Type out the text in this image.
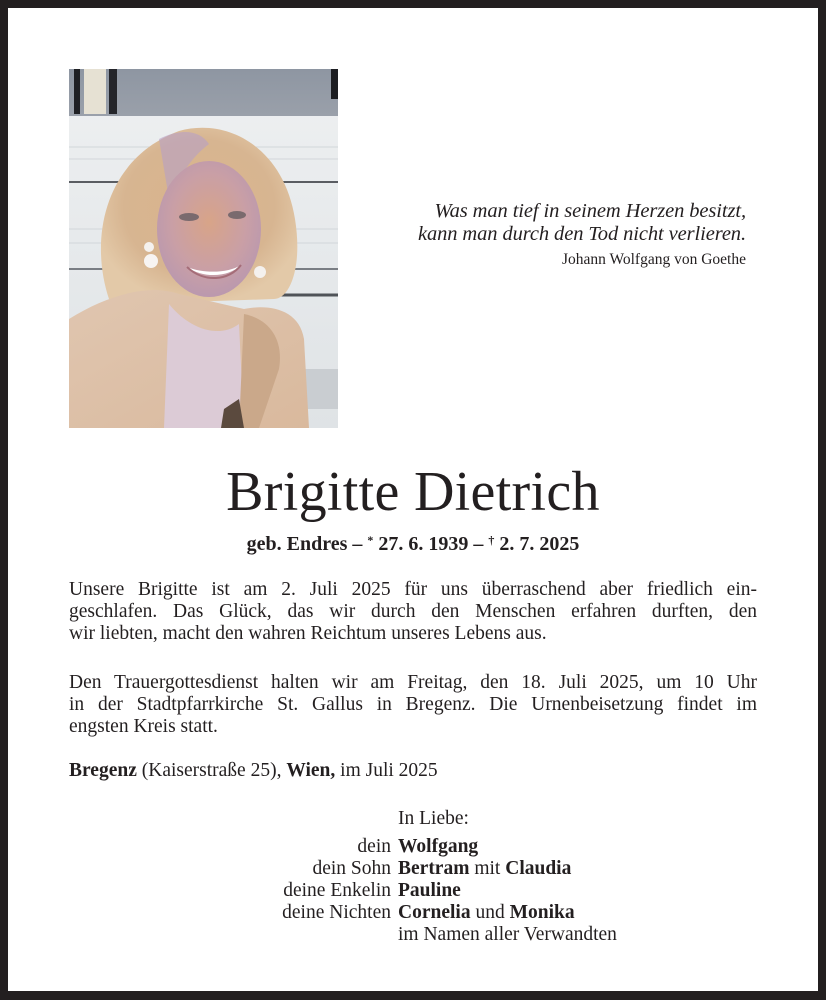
Was man tief in seinem Herzen besitzt,
kann man durch den Tod nicht verlieren.
Johann Wolfgang von Goethe
Brigitte Dietrich
geb. Endres – * 27. 6. 1939 – † 2. 7. 2025
Unsere Brigitte ist am 2. Juli 2025 für uns überraschend aber friedlich ein-
geschlafen. Das Glück, das wir durch den Menschen erfahren durften, den
wir liebten, macht den wahren Reichtum unseres Lebens aus.
Den Trauergottesdienst halten wir am Freitag, den 18. Juli 2025, um 10 Uhr
in der Stadtpfarrkirche St. Gallus in Bregenz. Die Urnenbeisetzung findet im
engsten Kreis statt.
Bregenz (Kaiserstraße 25), Wien, im Juli 2025
In Liebe:
dein Wolfgang
dein Sohn Bertram mit Claudia
deine Enkelin Pauline
deine Nichten Cornelia und Monika
im Namen aller Verwandten
